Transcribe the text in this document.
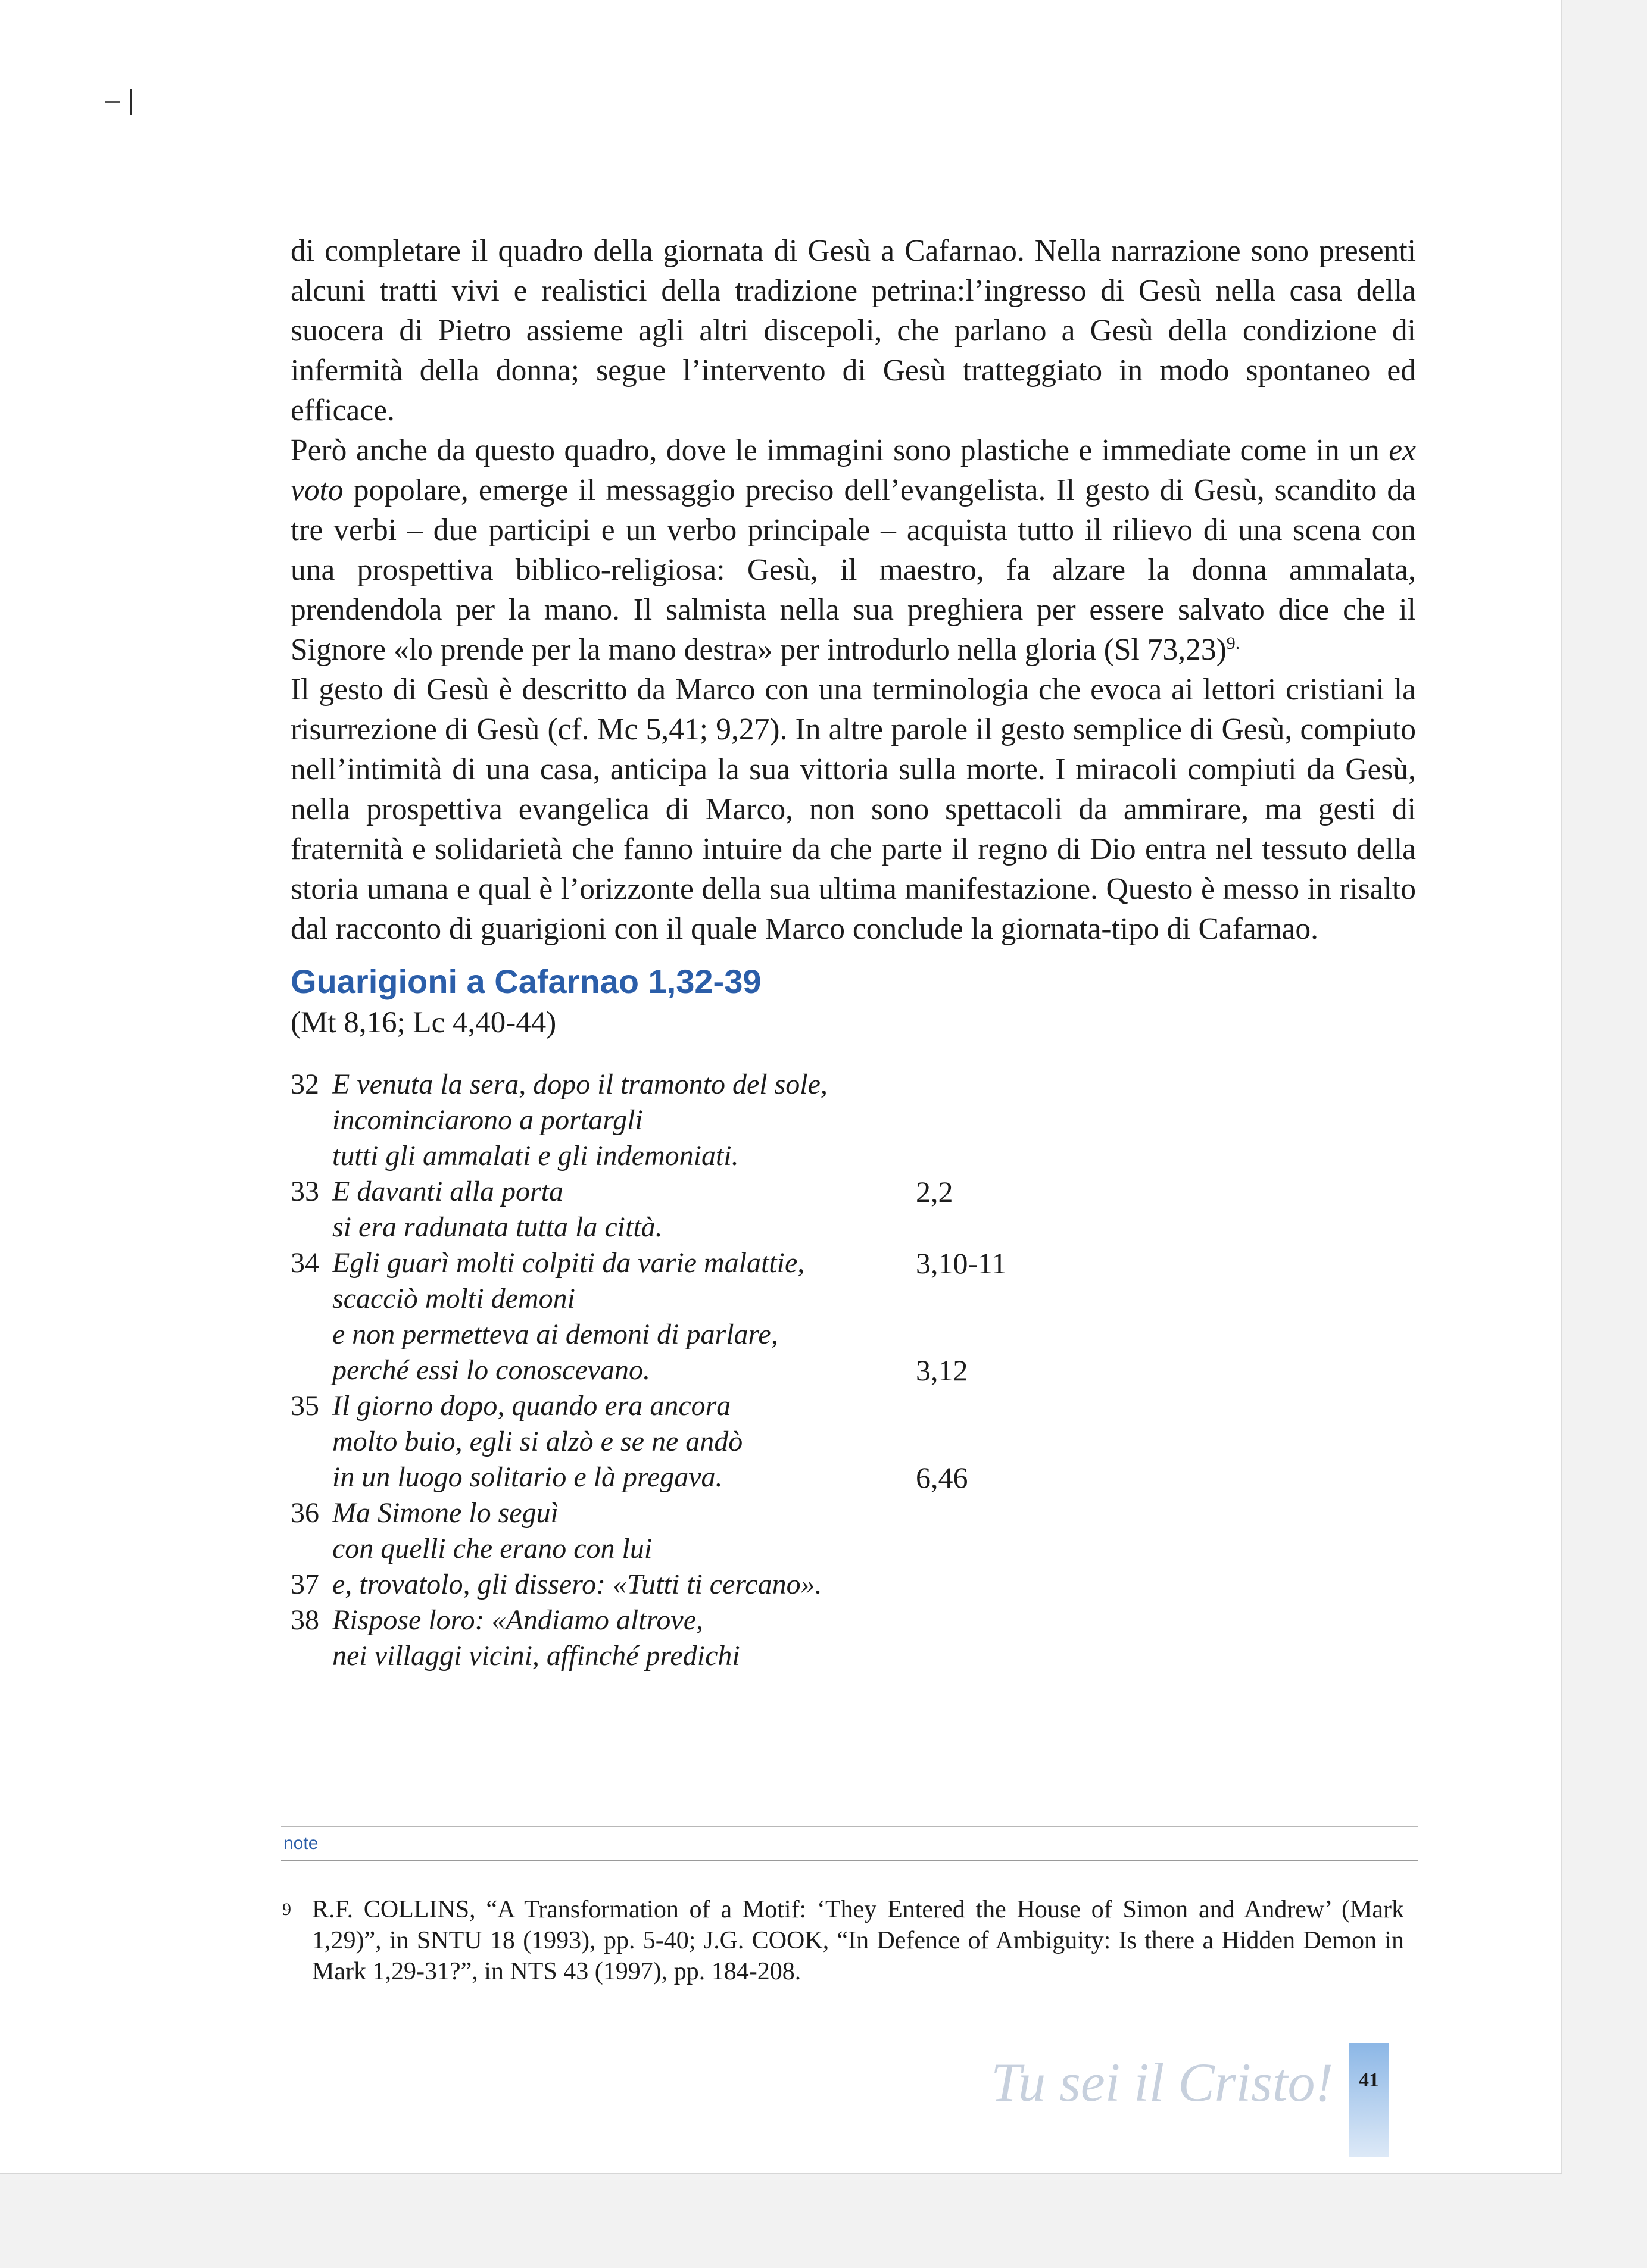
di completare il quadro della giornata di Gesù a Cafarnao. Nella narrazione sono presenti alcuni tratti vivi e realistici della tradizione petrina:l’ingresso di Gesù nella casa della suocera di Pietro assieme agli altri discepoli, che parlano a Gesù della condizione di infermità della donna; segue l’intervento di Gesù tratteggiato in modo spontaneo ed efficace.

Però anche da questo quadro, dove le immagini sono plastiche e immediate come in un ex voto popolare, emerge il messaggio preciso dell’evangelista. Il gesto di Gesù, scandito da tre verbi – due participi e un verbo principale – acquista tutto il rilievo di una scena con una prospettiva biblico-religiosa: Gesù, il maestro, fa alzare la donna ammalata, prendendola per la mano. Il salmista nella sua preghiera per essere salvato dice che il Signore «lo prende per la mano destra» per introdurlo nella gloria (Sl 73,23)$^{9.}$

Il gesto di Gesù è descritto da Marco con una terminologia che evoca ai lettori cristiani la risurrezione di Gesù (cf. Mc 5,41; 9,27). In altre parole il gesto semplice di Gesù, compiuto nell’intimità di una casa, anticipa la sua vittoria sulla morte. I miracoli compiuti da Gesù, nella prospettiva evangelica di Marco, non sono spettacoli da ammirare, ma gesti di fraternità e solidarietà che fanno intuire da che parte il regno di Dio entra nel tessuto della storia umana e qual è l’orizzonte della sua ultima manifestazione. Questo è messo in risalto dal racconto di guarigioni con il quale Marco conclude la giornata-tipo di Cafarnao.

Guarigioni a Cafarnao 1,32-39
(Mt 8,16; Lc 4,40-44)
32 E venuta la sera, dopo il tramonto del sole,
incominciarono a portargli
tutti gli ammalati e gli indemoniati.
33 E davanti alla porta	2,2
si era radunata tutta la città.
34 Egli guarì molti colpiti da varie malattie,	3,10-11
scacciò molti demoni
e non permetteva ai demoni di parlare,
perché essi lo conoscevano.	3,12
35 Il giorno dopo, quando era ancora
molto buio, egli si alzò e se ne andò
in un luogo solitario e là pregava.	6,46
36 Ma Simone lo seguì
con quelli che erano con lui
37 e, trovatolo, gli dissero: «Tutti ti cercano».
38 Rispose loro: «Andiamo altrove,
nei villaggi vicini, affinché predichi
note
9 R.F. COLLINS, “A Transformation of a Motif: ‘They Entered the House of Simon and Andrew’ (Mark 1,29)”, in SNTU 18 (1993), pp. 5-40; J.G. COOK, “In Defence of Ambiguity: Is there a Hidden Demon in Mark 1,29-31?”, in NTS 43 (1997), pp. 184-208.
Tu sei il Cristo!	41
